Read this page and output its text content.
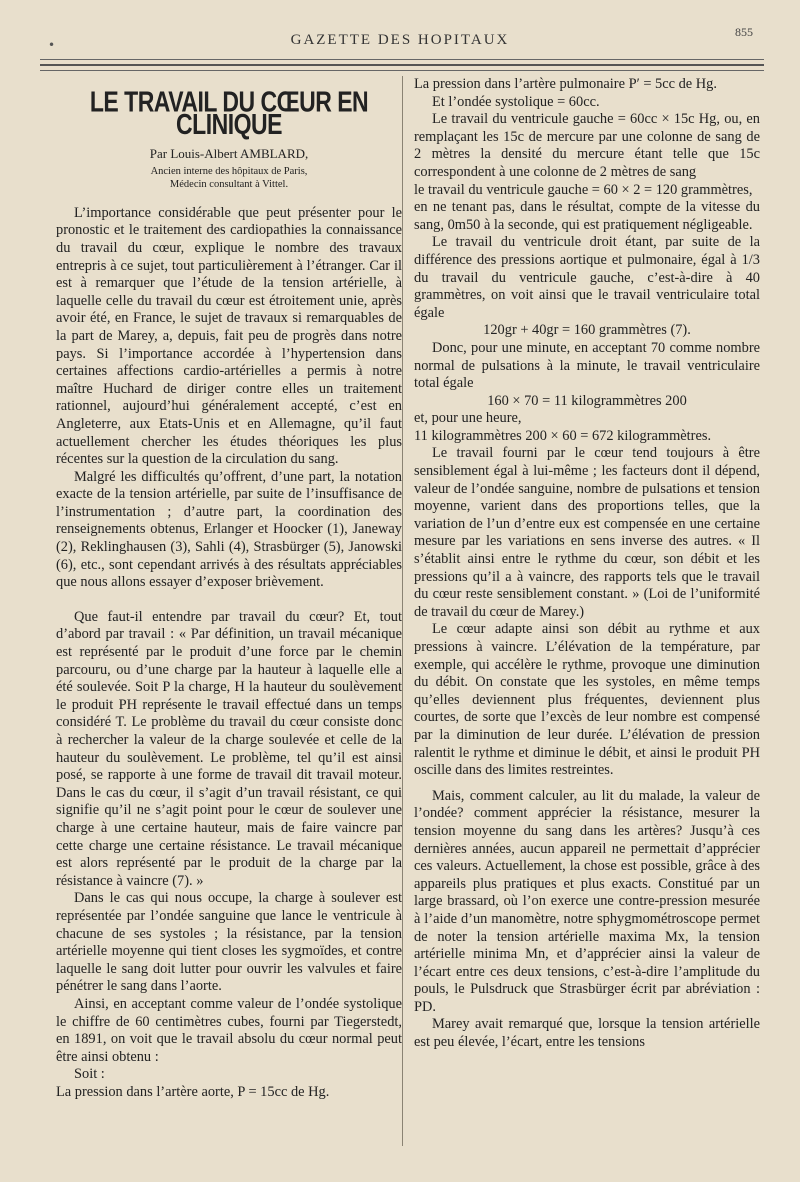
•	GAZETTE DES HOPITAUX	855
LE TRAVAIL DU CŒUR EN CLINIQUE
Par Louis-Albert AMBLARD,
Ancien interne des hôpitaux de Paris,
Médecin consultant à Vittel.

L’importance considérable que peut présenter pour le pronostic et le traitement des cardiopathies la connaissance du travail du cœur, explique le nombre des travaux entrepris à ce sujet, tout particulièrement à l’étranger. Car il est à remarquer que l’étude de la tension artérielle, à laquelle celle du travail du cœur est étroitement unie, après avoir été, en France, le sujet de travaux si remarquables de la part de Marey, a, depuis, fait peu de progrès dans notre pays. Si l’importance accordée à l’hypertension dans certaines affections cardio-artérielles a permis à notre maître Huchard de diriger contre elles un traitement rationnel, aujourd’hui généralement accepté, c’est en Angleterre, aux Etats-Unis et en Allemagne, qu’il faut actuellement chercher les études théoriques les plus récentes sur la question de la circulation du sang.

Malgré les difficultés qu’offrent, d’une part, la notation exacte de la tension artérielle, par suite de l’insuffisance de l’instrumentation ; d’autre part, la coordination des renseignements obtenus, Erlanger et Hoocker (1), Janeway (2), Reklinghausen (3), Sahli (4), Strasbürger (5), Janowski (6), etc., sont cependant arrivés à des résultats appréciables que nous allons essayer d’exposer brièvement.

Que faut-il entendre par travail du cœur? Et, tout d’abord par travail : « Par définition, un travail mécanique est représenté par le produit d’une force par le chemin parcouru, ou d’une charge par la hauteur à laquelle elle a été soulevée. Soit P la charge, H la hauteur du soulèvement le produit PH représente le travail effectué dans un temps considéré T. Le problème du travail du cœur consiste donc à rechercher la valeur de la charge soulevée et celle de la hauteur du soulèvement. Le problème, tel qu’il est ainsi posé, se rapporte à une forme de travail dit travail moteur. Dans le cas du cœur, il s’agit d’un travail résistant, ce qui signifie qu’il ne s’agit point pour le cœur de soulever une charge à une certaine hauteur, mais de faire vaincre par cette charge une certaine résistance. Le travail mécanique est alors représenté par le produit de la charge par la résistance à vaincre (7). »

Dans le cas qui nous occupe, la charge à soulever est représentée par l’ondée sanguine que lance le ventricule à chacune de ses systoles ; la résistance, par la tension artérielle moyenne qui tient closes les sygmoïdes, et contre laquelle le sang doit lutter pour ouvrir les valvules et faire pénétrer le sang dans l’aorte.

Ainsi, en acceptant comme valeur de l’ondée systolique le chiffre de 60 centimètres cubes, fourni par Tiegerstedt, en 1891, on voit que le travail absolu du cœur normal peut être ainsi obtenu :

Soit :

La pression dans l’artère aorte, P = 15cc de Hg.

La pression dans l’artère pulmonaire P′ = 5cc de Hg.

Et l’ondée systolique = 60cc.

Le travail du ventricule gauche = 60cc × 15c Hg, ou, en remplaçant les 15c de mercure par une colonne de sang de 2 mètres la densité du mercure étant telle que 15c correspondent à une colonne de 2 mètres de sang

le travail du ventricule gauche = 60 × 2 = 120 grammètres,

en ne tenant pas, dans le résultat, compte de la vitesse du sang, 0m50 à la seconde, qui est pratiquement négligeable.

Le travail du ventricule droit étant, par suite de la différence des pressions aortique et pulmonaire, égal à 1/3 du travail du ventricule gauche, c’est-à-dire à 40 grammètres, on voit ainsi que le travail ventriculaire total égale

120gr + 40gr = 160 grammètres (7).

Donc, pour une minute, en acceptant 70 comme nombre normal de pulsations à la minute, le travail ventriculaire total égale

160 × 70 = 11 kilogrammètres 200

et, pour une heure,

11 kilogrammètres 200 × 60 = 672 kilogrammètres.

Le travail fourni par le cœur tend toujours à être sensiblement égal à lui-même ; les facteurs dont il dépend, valeur de l’ondée sanguine, nombre de pulsations et tension moyenne, varient dans des proportions telles, que la variation de l’un d’entre eux est compensée en une certaine mesure par les variations en sens inverse des autres. « Il s’établit ainsi entre le rythme du cœur, son débit et les pressions qu’il a à vaincre, des rapports tels que le travail du cœur reste sensiblement constant. » (Loi de l’uniformité de travail du cœur de Marey.)

Le cœur adapte ainsi son débit au rythme et aux pressions à vaincre. L’élévation de la température, par exemple, qui accélère le rythme, provoque une diminution du débit. On constate que les systoles, en même temps qu’elles deviennent plus fréquentes, deviennent plus courtes, de sorte que l’excès de leur nombre est compensé par la diminution de leur durée. L’élévation de pression ralentit le rythme et diminue le débit, et ainsi le produit PH oscille dans des limites restreintes.

Mais, comment calculer, au lit du malade, la valeur de l’ondée? comment apprécier la résistance, mesurer la tension moyenne du sang dans les artères? Jusqu’à ces dernières années, aucun appareil ne permettait d’apprécier ces valeurs. Actuellement, la chose est possible, grâce à des appareils plus pratiques et plus exacts. Constitué par un large brassard, où l’on exerce une contre-pression mesurée à l’aide d’un manomètre, notre sphygmométroscope permet de noter la tension artérielle maxima Mx, la tension artérielle minima Mn, et d’apprécier ainsi la valeur de l’écart entre ces deux tensions, c’est-à-dire l’amplitude du pouls, le Pulsdruck que Strasbürger écrit par abréviation : PD.

Marey avait remarqué que, lorsque la tension artérielle est peu élevée, l’écart, entre les tensions
